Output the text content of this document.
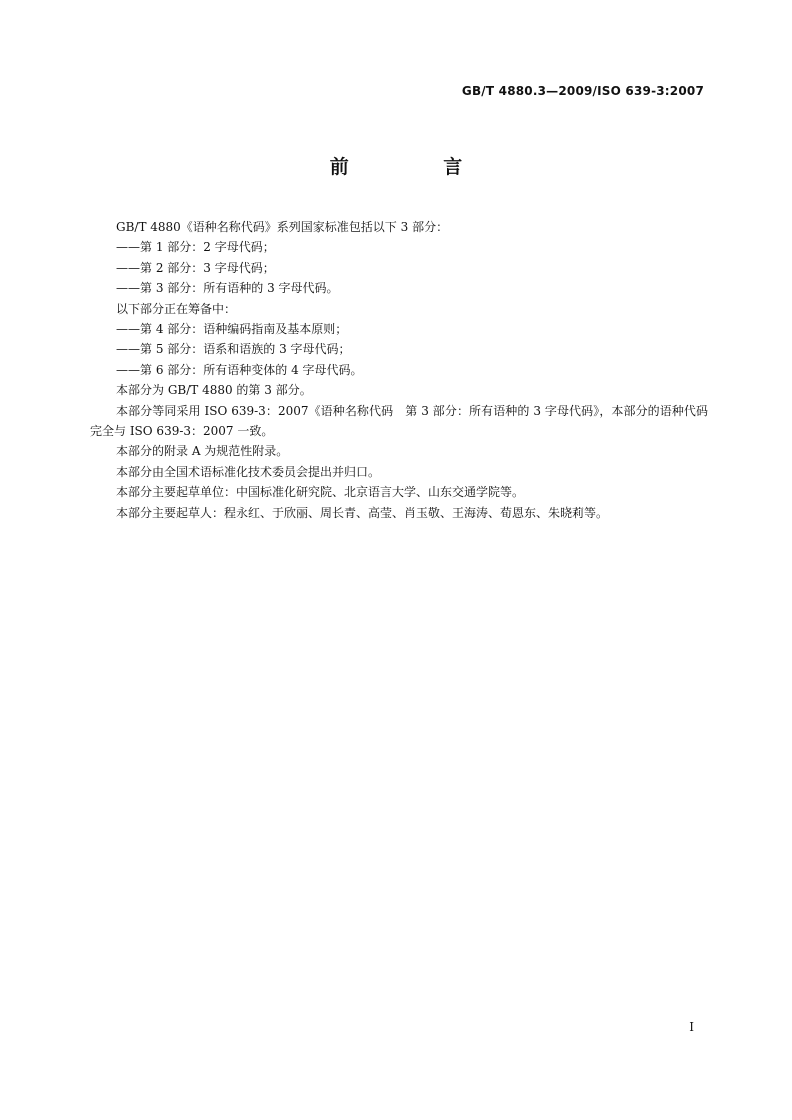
GB/T 4880.3—2009/ISO 639-3:2007
前 言

GB/T 4880《语种名称代码》系列国家标准包括以下 3 部分：

——第 1 部分：2 字母代码；

——第 2 部分：3 字母代码；

——第 3 部分：所有语种的 3 字母代码。

以下部分正在筹备中：

——第 4 部分：语种编码指南及基本原则；

——第 5 部分：语系和语族的 3 字母代码；

——第 6 部分：所有语种变体的 4 字母代码。

本部分为 GB/T 4880 的第 3 部分。

本部分等同采用 ISO 639-3：2007《语种名称代码　第 3 部分：所有语种的 3 字母代码》，本部分的语种代码完全与 ISO 639-3：2007 一致。

本部分的附录 A 为规范性附录。

本部分由全国术语标准化技术委员会提出并归口。

本部分主要起草单位：中国标准化研究院、北京语言大学、山东交通学院等。

本部分主要起草人：程永红、于欣丽、周长青、高莹、肖玉敬、王海涛、荀恩东、朱晓莉等。

I
